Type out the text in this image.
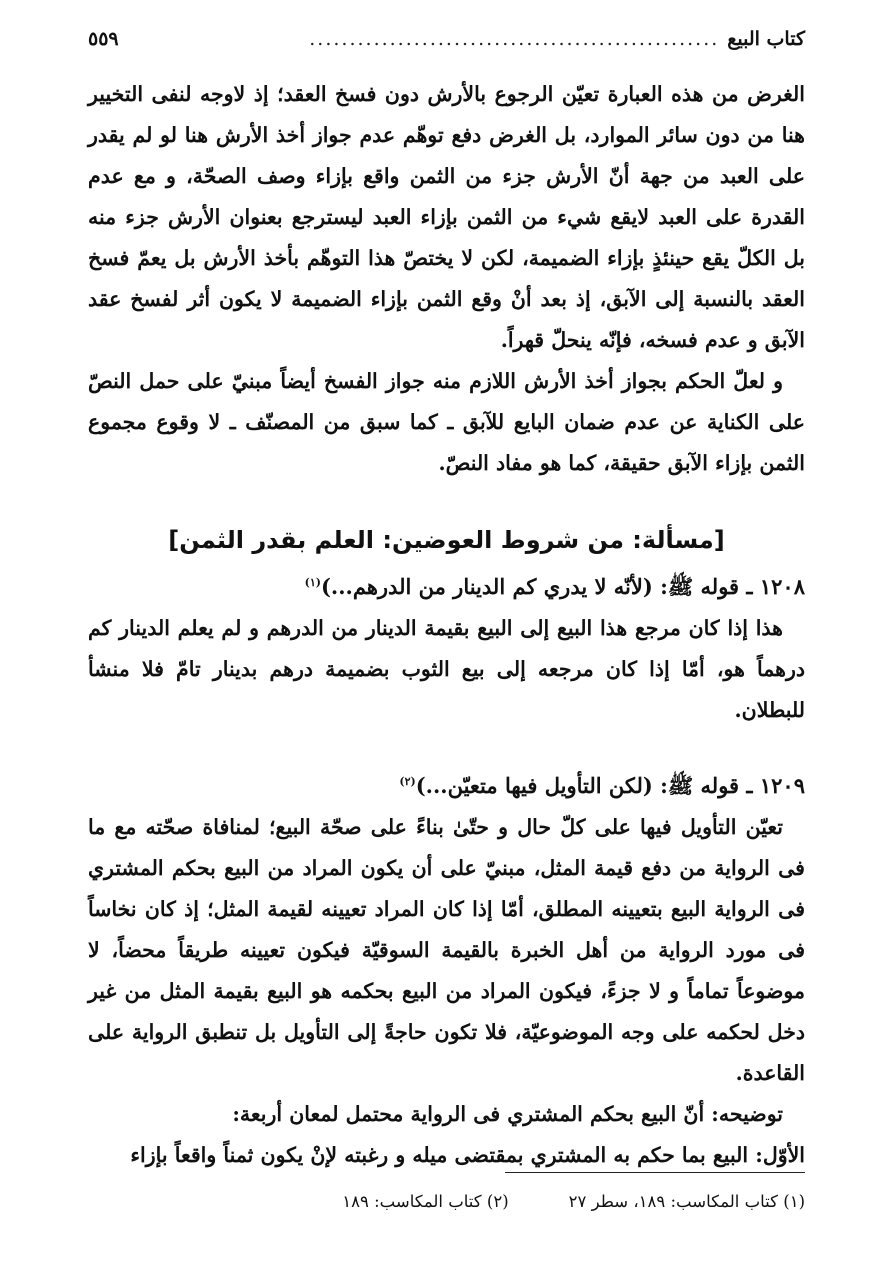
كتاب البيع
...................................................
٥٥٩

الغرض من هذه العبارة تعيّن الرجوع بالأرش دون فسخ العقد؛ إذ لاوجه لنفى التخيير هنا من دون سائر الموارد، بل الغرض دفع توهّم عدم جواز أخذ الأرش هنا لو لم يقدر على العبد من جهة أنّ الأرش جزء من الثمن واقع بإزاء وصف الصحّة، و مع عدم القدرة على العبد لايقع شيء من الثمن بإزاء العبد ليسترجع بعنوان الأرش جزء منه بل الكلّ يقع حينئذٍ بإزاء الضميمة، لكن لا يختصّ هذا التوهّم بأخذ الأرش بل يعمّ فسخ العقد بالنسبة إلى الآبق، إذ بعد أنْ وقع الثمن بإزاء الضميمة لا يكون أثر لفسخ عقد الآبق و عدم فسخه، فإنّه ينحلّ قهراً.

و لعلّ الحكم بجواز أخذ الأرش اللازم منه جواز الفسخ أيضاً مبنيّ على حمل النصّ على الكناية عن عدم ضمان البايع للآبق ـ كما سبق من المصنّف ـ لا وقوع مجموع الثمن بإزاء الآبق حقيقة، كما هو مفاد النصّ.

[مسألة: من شروط العوضين: العلم بقدر الثمن]
١٢٠٨ ـ قوله ﷺ: (لأنّه لا يدري كم الدينار من الدرهم...)$^{(١)}$

هذا إذا كان مرجع هذا البيع إلى البيع بقيمة الدينار من الدرهم و لم يعلم الدينار كم درهماً هو، أمّا إذا كان مرجعه إلى بيع الثوب بضميمة درهم بدينار تامّ فلا منشأ للبطلان.

١٢٠٩ ـ قوله ﷺ: (لكن التأويل فيها متعيّن...)$^{(٢)}$

تعيّن التأويل فيها على كلّ حال و حتّىٰ بناءً على صحّة البيع؛ لمنافاة صحّته مع ما فى الرواية من دفع قيمة المثل، مبنيّ على أن يكون المراد من البيع بحكم المشتري فى الرواية البيع بتعيينه المطلق، أمّا إذا كان المراد تعيينه لقيمة المثل؛ إذ كان نخاساً فى مورد الرواية من أهل الخبرة بالقيمة السوقيّة فيكون تعيينه طريقاً محضاً، لا موضوعاً تماماً و لا جزءً، فيكون المراد من البيع بحكمه هو البيع بقيمة المثل من غير دخل لحكمه على وجه الموضوعيّة، فلا تكون حاجةً إلى التأويل بل تنطبق الرواية على القاعدة.

توضيحه: أنّ البيع بحكم المشتري فى الرواية محتمل لمعان أربعة:

الأوّل: البيع بما حكم به المشتري بمقتضى ميله و رغبته لإنْ يكون ثمناً واقعاً بإزاء

(١) كتاب المكاسب: ١٨٩، سطر ٢٧
(٢) كتاب المكاسب: ١٨٩
